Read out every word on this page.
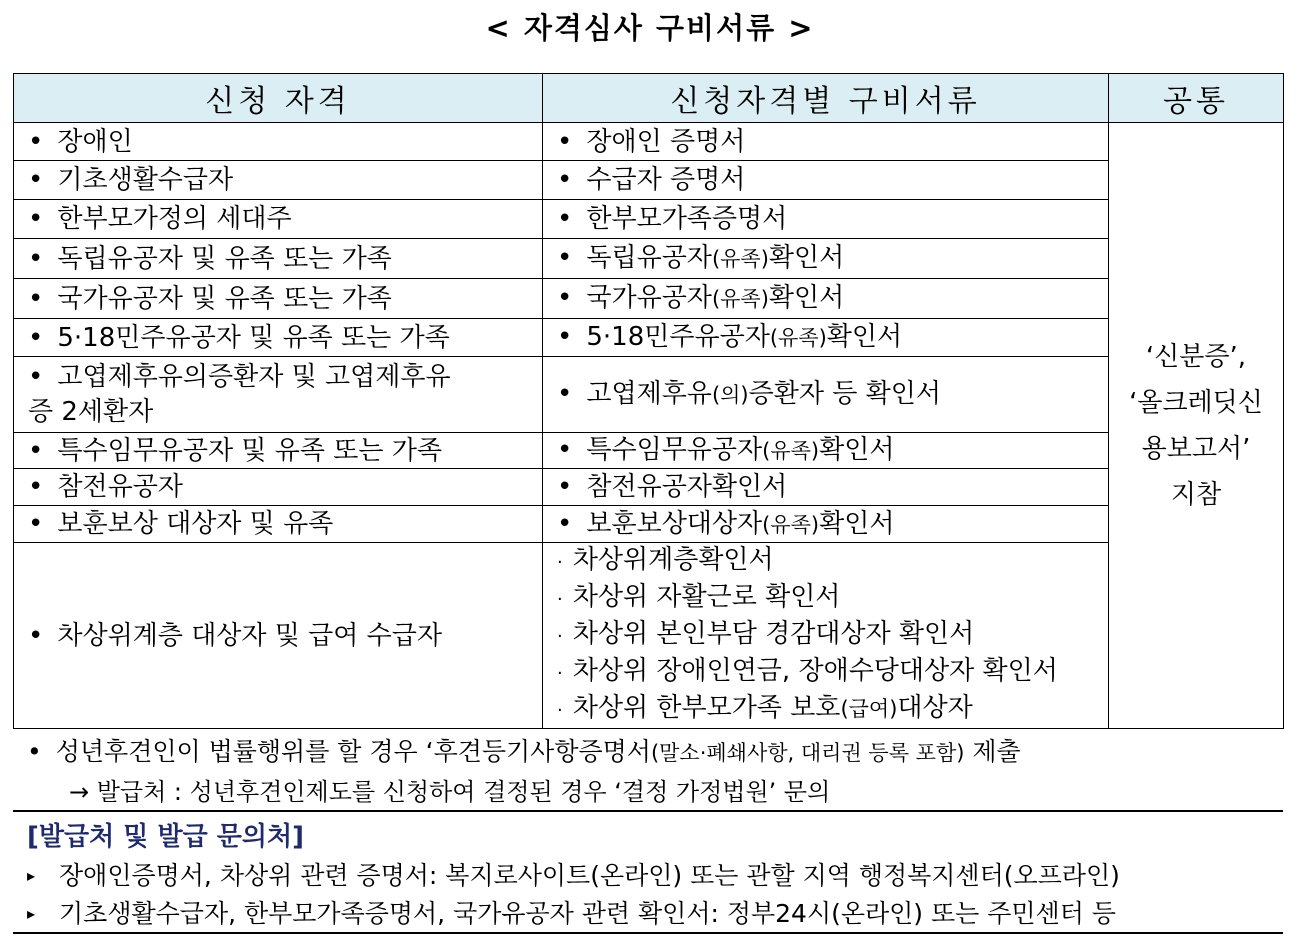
< 자격심사 구비서류 >
신청 자격	신청자격별 구비서류	공통
• 장애인	• 장애인 증명서	‘신분증’,
‘올크레딧신
용보고서’
지참

• 기초생활수급자	• 수급자 증명서
• 한부모가정의 세대주	• 한부모가족증명서
• 독립유공자 및 유족 또는 가족	• 독립유공자(유족)확인서
• 국가유공자 및 유족 또는 가족	• 국가유공자(유족)확인서
• 5·18민주유공자 및 유족 또는 가족	• 5·18민주유공자(유족)확인서

• 고엽제후유의증환자 및 고엽제후유
증 2세환자	• 고엽제후유(의)증환자 등 확인서
• 특수임무유공자 및 유족 또는 가족	• 특수임무유공자(유족)확인서
• 참전유공자	• 참전유공자확인서
• 보훈보상 대상자 및 유족	• 보훈보상대상자(유족)확인서
• 차상위계층 대상자 및 급여 수급자	· 차상위계층확인서
· 차상위 자활근로 확인서
· 차상위 본인부담 경감대상자 확인서
· 차상위 장애인연금, 장애수당대상자 확인서
· 차상위 한부모가족 보호(급여)대상자
• 성년후견인이 법률행위를 할 경우 ‘후견등기사항증명서(말소·폐쇄사항, 대리권 등록 포함) 제출
→ 발급처 : 성년후견인제도를 신청하여 결정된 경우 ‘결정 가정법원’ 문의
[발급처 및 발급 문의처]
▸ 장애인증명서, 차상위 관련 증명서: 복지로사이트(온라인) 또는 관할 지역 행정복지센터(오프라인)
▸ 기초생활수급자, 한부모가족증명서, 국가유공자 관련 확인서: 정부24시(온라인) 또는 주민센터 등
